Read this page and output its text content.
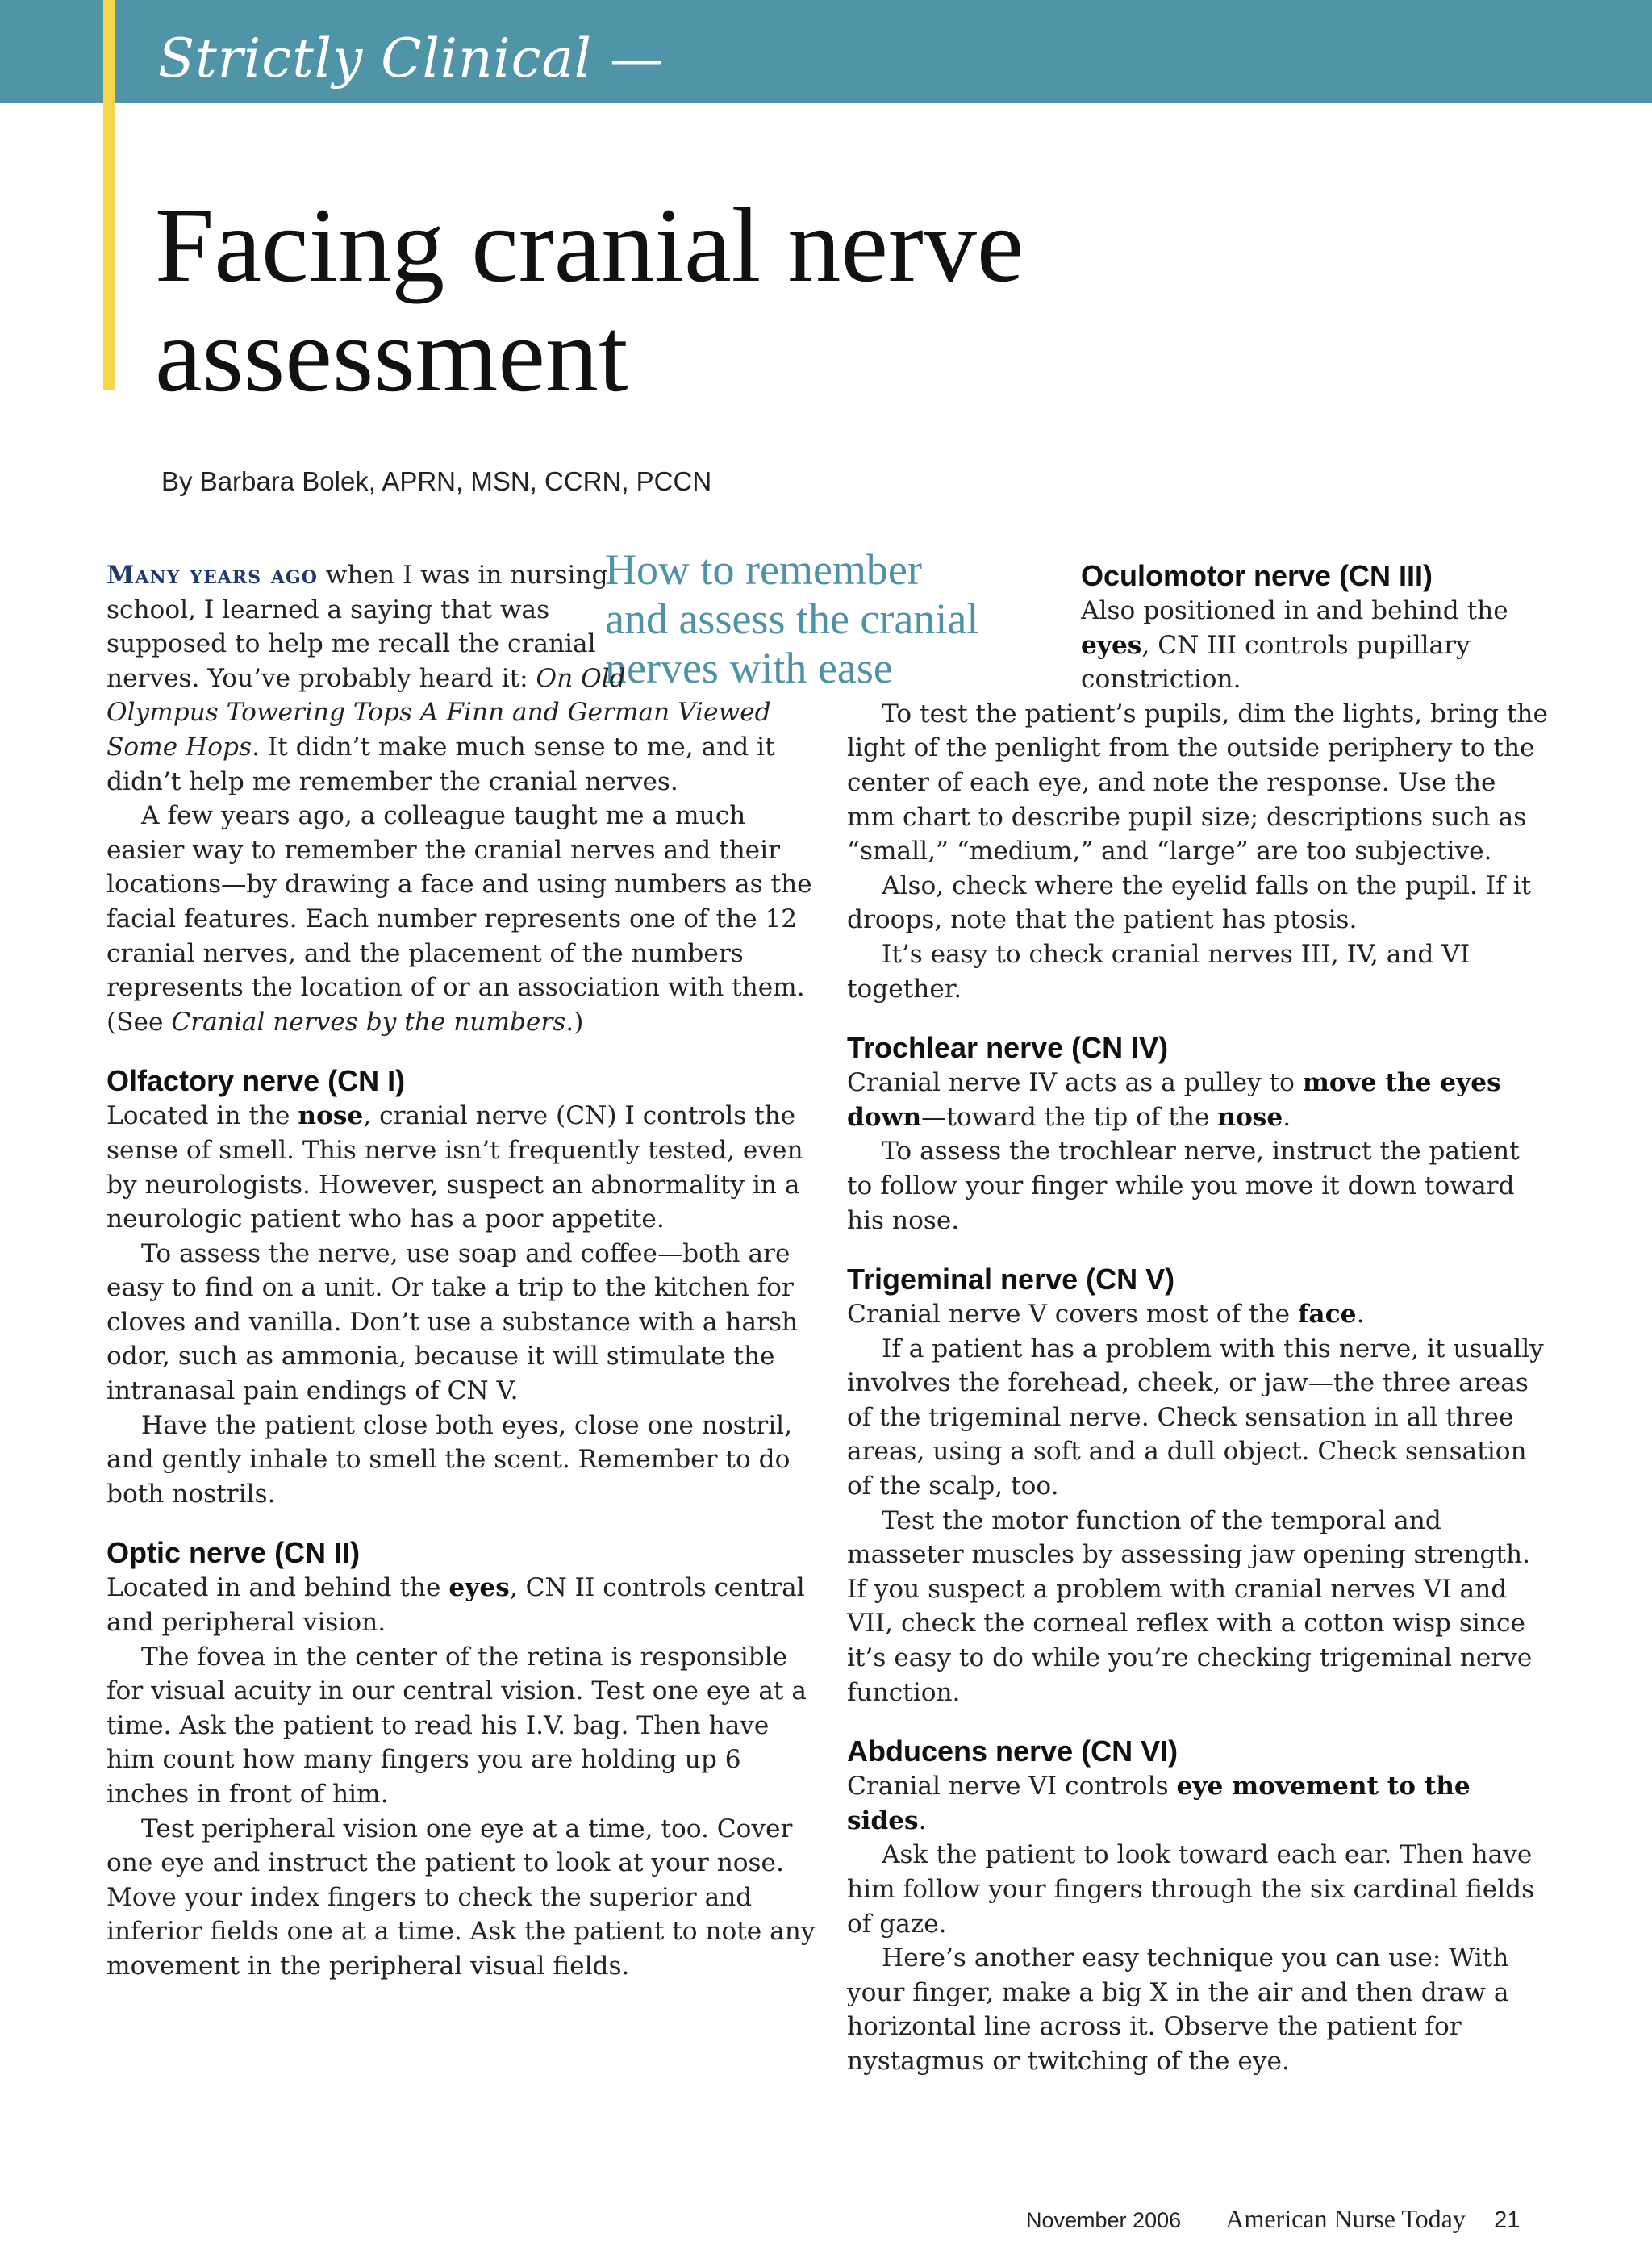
Strictly Clinical —
Facing cranial nerve
assessment
By Barbara Bolek, APRN, MSN, CCRN, PCCN
How to remember
and assess the cranial
nerves with ease

Many years ago when I was in nursing school, I learned a saying that was supposed to help me recall the cranial nerves. You’ve probably heard it: On Old Olympus Towering Tops A Finn and German Viewed Some Hops. It didn’t make much sense to me, and it didn’t help me remember the cranial nerves.

A few years ago, a colleague taught me a much easier way to remember the cranial nerves and their locations—by drawing a face and using numbers as the facial features. Each number represents one of the 12 cranial nerves, and the placement of the numbers represents the location of or an association with them. (See Cranial nerves by the numbers.)

Olfactory nerve (CN I)

Located in the nose, cranial nerve (CN) I controls the sense of smell. This nerve isn’t frequently tested, even by neurologists. However, suspect an abnormality in a neurologic patient who has a poor appetite.

To assess the nerve, use soap and coffee—both are easy to find on a unit. Or take a trip to the kitchen for cloves and vanilla. Don’t use a substance with a harsh odor, such as ammonia, because it will stimulate the intranasal pain endings of CN V.

Have the patient close both eyes, close one nostril, and gently inhale to smell the scent. Remember to do both nostrils.

Optic nerve (CN II)

Located in and behind the eyes, CN II controls central and peripheral vision.

The fovea in the center of the retina is responsible for visual acuity in our central vision. Test one eye at a time. Ask the patient to read his I.V. bag. Then have him count how many fingers you are holding up 6 inches in front of him.

Test peripheral vision one eye at a time, too. Cover one eye and instruct the patient to look at your nose. Move your index fingers to check the superior and inferior fields one at a time. Ask the patient to note any movement in the peripheral visual fields.

Oculomotor nerve (CN III)

Also positioned in and behind the eyes, CN III controls pupillary constriction.

To test the patient’s pupils, dim the lights, bring the light of the penlight from the outside periphery to the center of each eye, and note the response. Use the mm chart to describe pupil size; descriptions such as “small,” “medium,” and “large” are too subjective.

Also, check where the eyelid falls on the pupil. If it droops, note that the patient has ptosis.

It’s easy to check cranial nerves III, IV, and VI together.

Trochlear nerve (CN IV)

Cranial nerve IV acts as a pulley to move the eyes down—toward the tip of the nose.

To assess the trochlear nerve, instruct the patient to follow your finger while you move it down toward his nose.

Trigeminal nerve (CN V)

Cranial nerve V covers most of the face.

If a patient has a problem with this nerve, it usually involves the forehead, cheek, or jaw—the three areas of the trigeminal nerve. Check sensation in all three areas, using a soft and a dull object. Check sensation of the scalp, too.

Test the motor function of the temporal and masseter muscles by assessing jaw opening strength. If you suspect a problem with cranial nerves VI and VII, check the corneal reflex with a cotton wisp since it’s easy to do while you’re checking trigeminal nerve function.

Abducens nerve (CN VI)

Cranial nerve VI controls eye movement to the sides.

Ask the patient to look toward each ear. Then have him follow your fingers through the six cardinal fields of gaze.

Here’s another easy technique you can use: With your finger, make a big X in the air and then draw a horizontal line across it. Observe the patient for nystagmus or twitching of the eye.

November 2006 American Nurse Today 21
